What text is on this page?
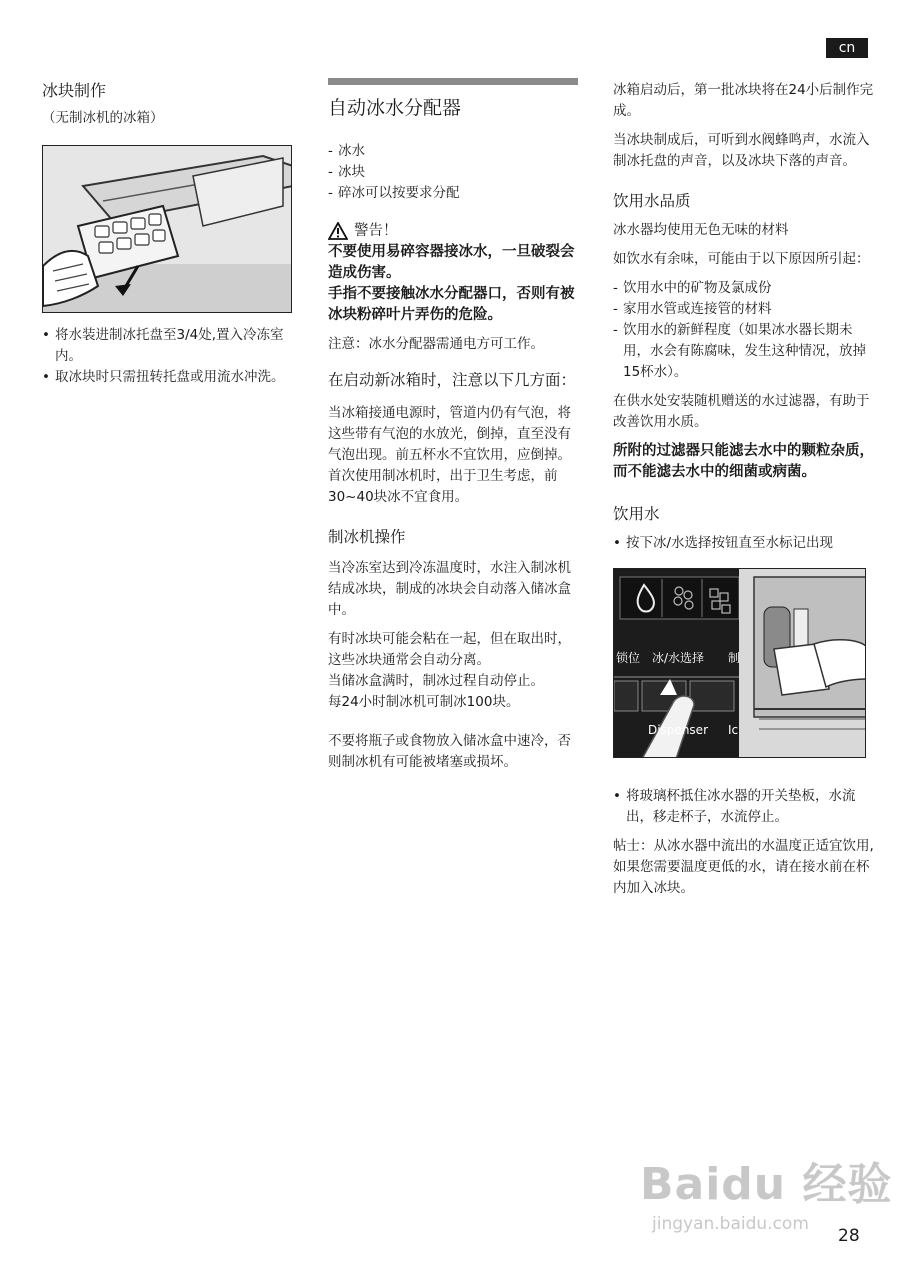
cn
冰块制作
（无制冰机的冰箱）
• 将水装进制冰托盘至3/4处,置入冷冻室内。
• 取冰块时只需扭转托盘或用流水冲洗。
自动冰水分配器
- 冰水
- 冰块
- 碎冰可以按要求分配
警告！
不要使用易碎容器接冰水，一旦破裂会造成伤害。
手指不要接触冰水分配器口，否则有被冰块粉碎叶片弄伤的危险。

注意：冰水分配器需通电方可工作。

在启动新冰箱时，注意以下几方面：

当冰箱接通电源时，管道内仍有气泡，将这些带有气泡的水放光，倒掉，直至没有气泡出现。前五杯水不宜饮用，应倒掉。首次使用制冰机时，出于卫生考虑，前30~40块冰不宜食用。

制冰机操作

当冷冻室达到冷冻温度时，水注入制冰机结成冰块，制成的冰块会自动落入储冰盒中。

有时冰块可能会粘在一起，但在取出时，这些冰块通常会自动分离。

当储冰盒满时，制冰过程自动停止。

每24小时制冰机可制冰100块。

不要将瓶子或食物放入储冰盒中速冷，否则制冰机有可能被堵塞或损坏。

冰箱启动后，第一批冰块将在24小后制作完成。

当冰块制成后，可听到水阀蜂鸣声，水流入制冰托盘的声音，以及冰块下落的声音。

饮用水品质

冰水器均使用无色无味的材料

如饮水有余味，可能由于以下原因所引起：

- 饮用水中的矿物及氯成份
- 家用水管或连接管的材料
- 饮用水的新鲜程度（如果冰水器长期未用，水会有陈腐味，发生这种情况，放掉15杯水）。

在供水处安装随机赠送的水过滤器，有助于改善饮用水质。

所附的过滤器只能滤去水中的颗粒杂质，而不能滤去水中的细菌或病菌。
饮用水
• 按下冰/水选择按钮直至水标记出现
锁位 冰/水选择 制
Dispenser Ic
• 将玻璃杯抵住冰水器的开关垫板，水流出，移走杯子，水流停止。

帖士：从冰水器中流出的水温度正适宜饮用,如果您需要温度更低的水，请在接水前在杯内加入冰块。

Baidu 经验
jingyan.baidu.com
28
